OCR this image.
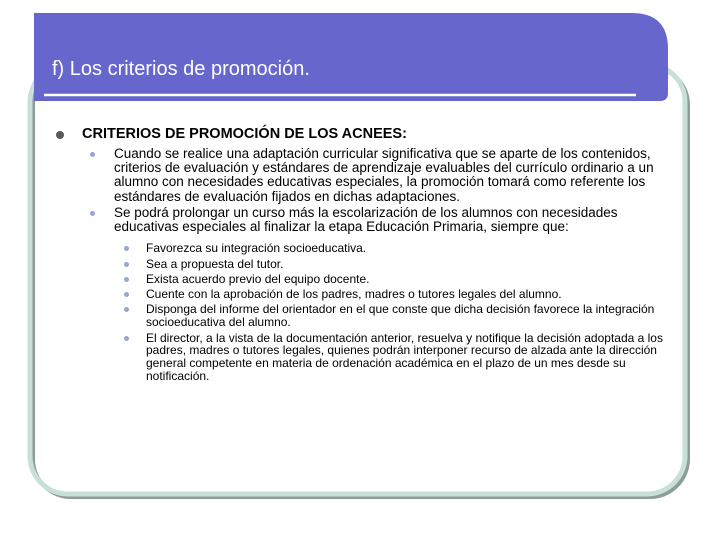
f) Los criterios de promoción.
CRITERIOS DE PROMOCIÓN DE LOS ACNEES:
Cuando se realice una adaptación curricular significativa que se aparte de los contenidos, criterios de evaluación y estándares de aprendizaje evaluables del currículo ordinario a un alumno con necesidades educativas especiales, la promoción tomará como referente los estándares de evaluación fijados en dichas adaptaciones.
Se podrá prolongar un curso más la escolarización de los alumnos con necesidades educativas especiales al finalizar la etapa Educación Primaria, siempre que:
Favorezca su integración socioeducativa.
Sea a propuesta del tutor.
Exista acuerdo previo del equipo docente.
Cuente con la aprobación de los padres, madres o tutores legales del alumno.
Disponga del informe del orientador en el que conste que dicha decisión favorece la integración socioeducativa del alumno.
El director, a la vista de la documentación anterior, resuelva y notifique la decisión adoptada a los padres, madres o tutores legales, quienes podrán interponer recurso de alzada ante la dirección general competente en materia de ordenación académica en el plazo de un mes desde su notificación.
